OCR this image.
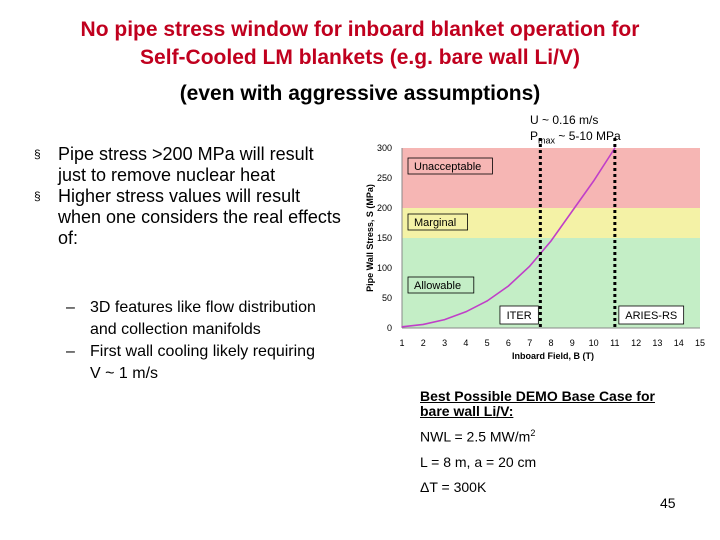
No pipe stress window for inboard blanket operation for
Self-Cooled LM blankets (e.g. bare wall Li/V)
(even with aggressive assumptions)
§ Pipe stress >200 MPa will result just to remove nuclear heat
§ Higher stress values will result when one considers the real effects of:
– 3D features like flow distribution and collection manifolds
– First wall cooling likely requiring V ~ 1 m/s
U ~ 0.16 m/s
$P_{max}$ ~ 5-10 MPa
0
50
100
150
200
250
300
1 2 3 4 5 6 7 8 9 10 11 12 13 14 15
Inboard Field, B (T)
Pipe Wall Stress, S (MPa)
ITER	ARIES-RS
Unacceptable
Marginal
Allowable
Best Possible DEMO Base Case for bare wall Li/V:
NWL = 2.5 $MW/m^2$
L = 8 m, a = 20 cm
ΔT = 300K
45
